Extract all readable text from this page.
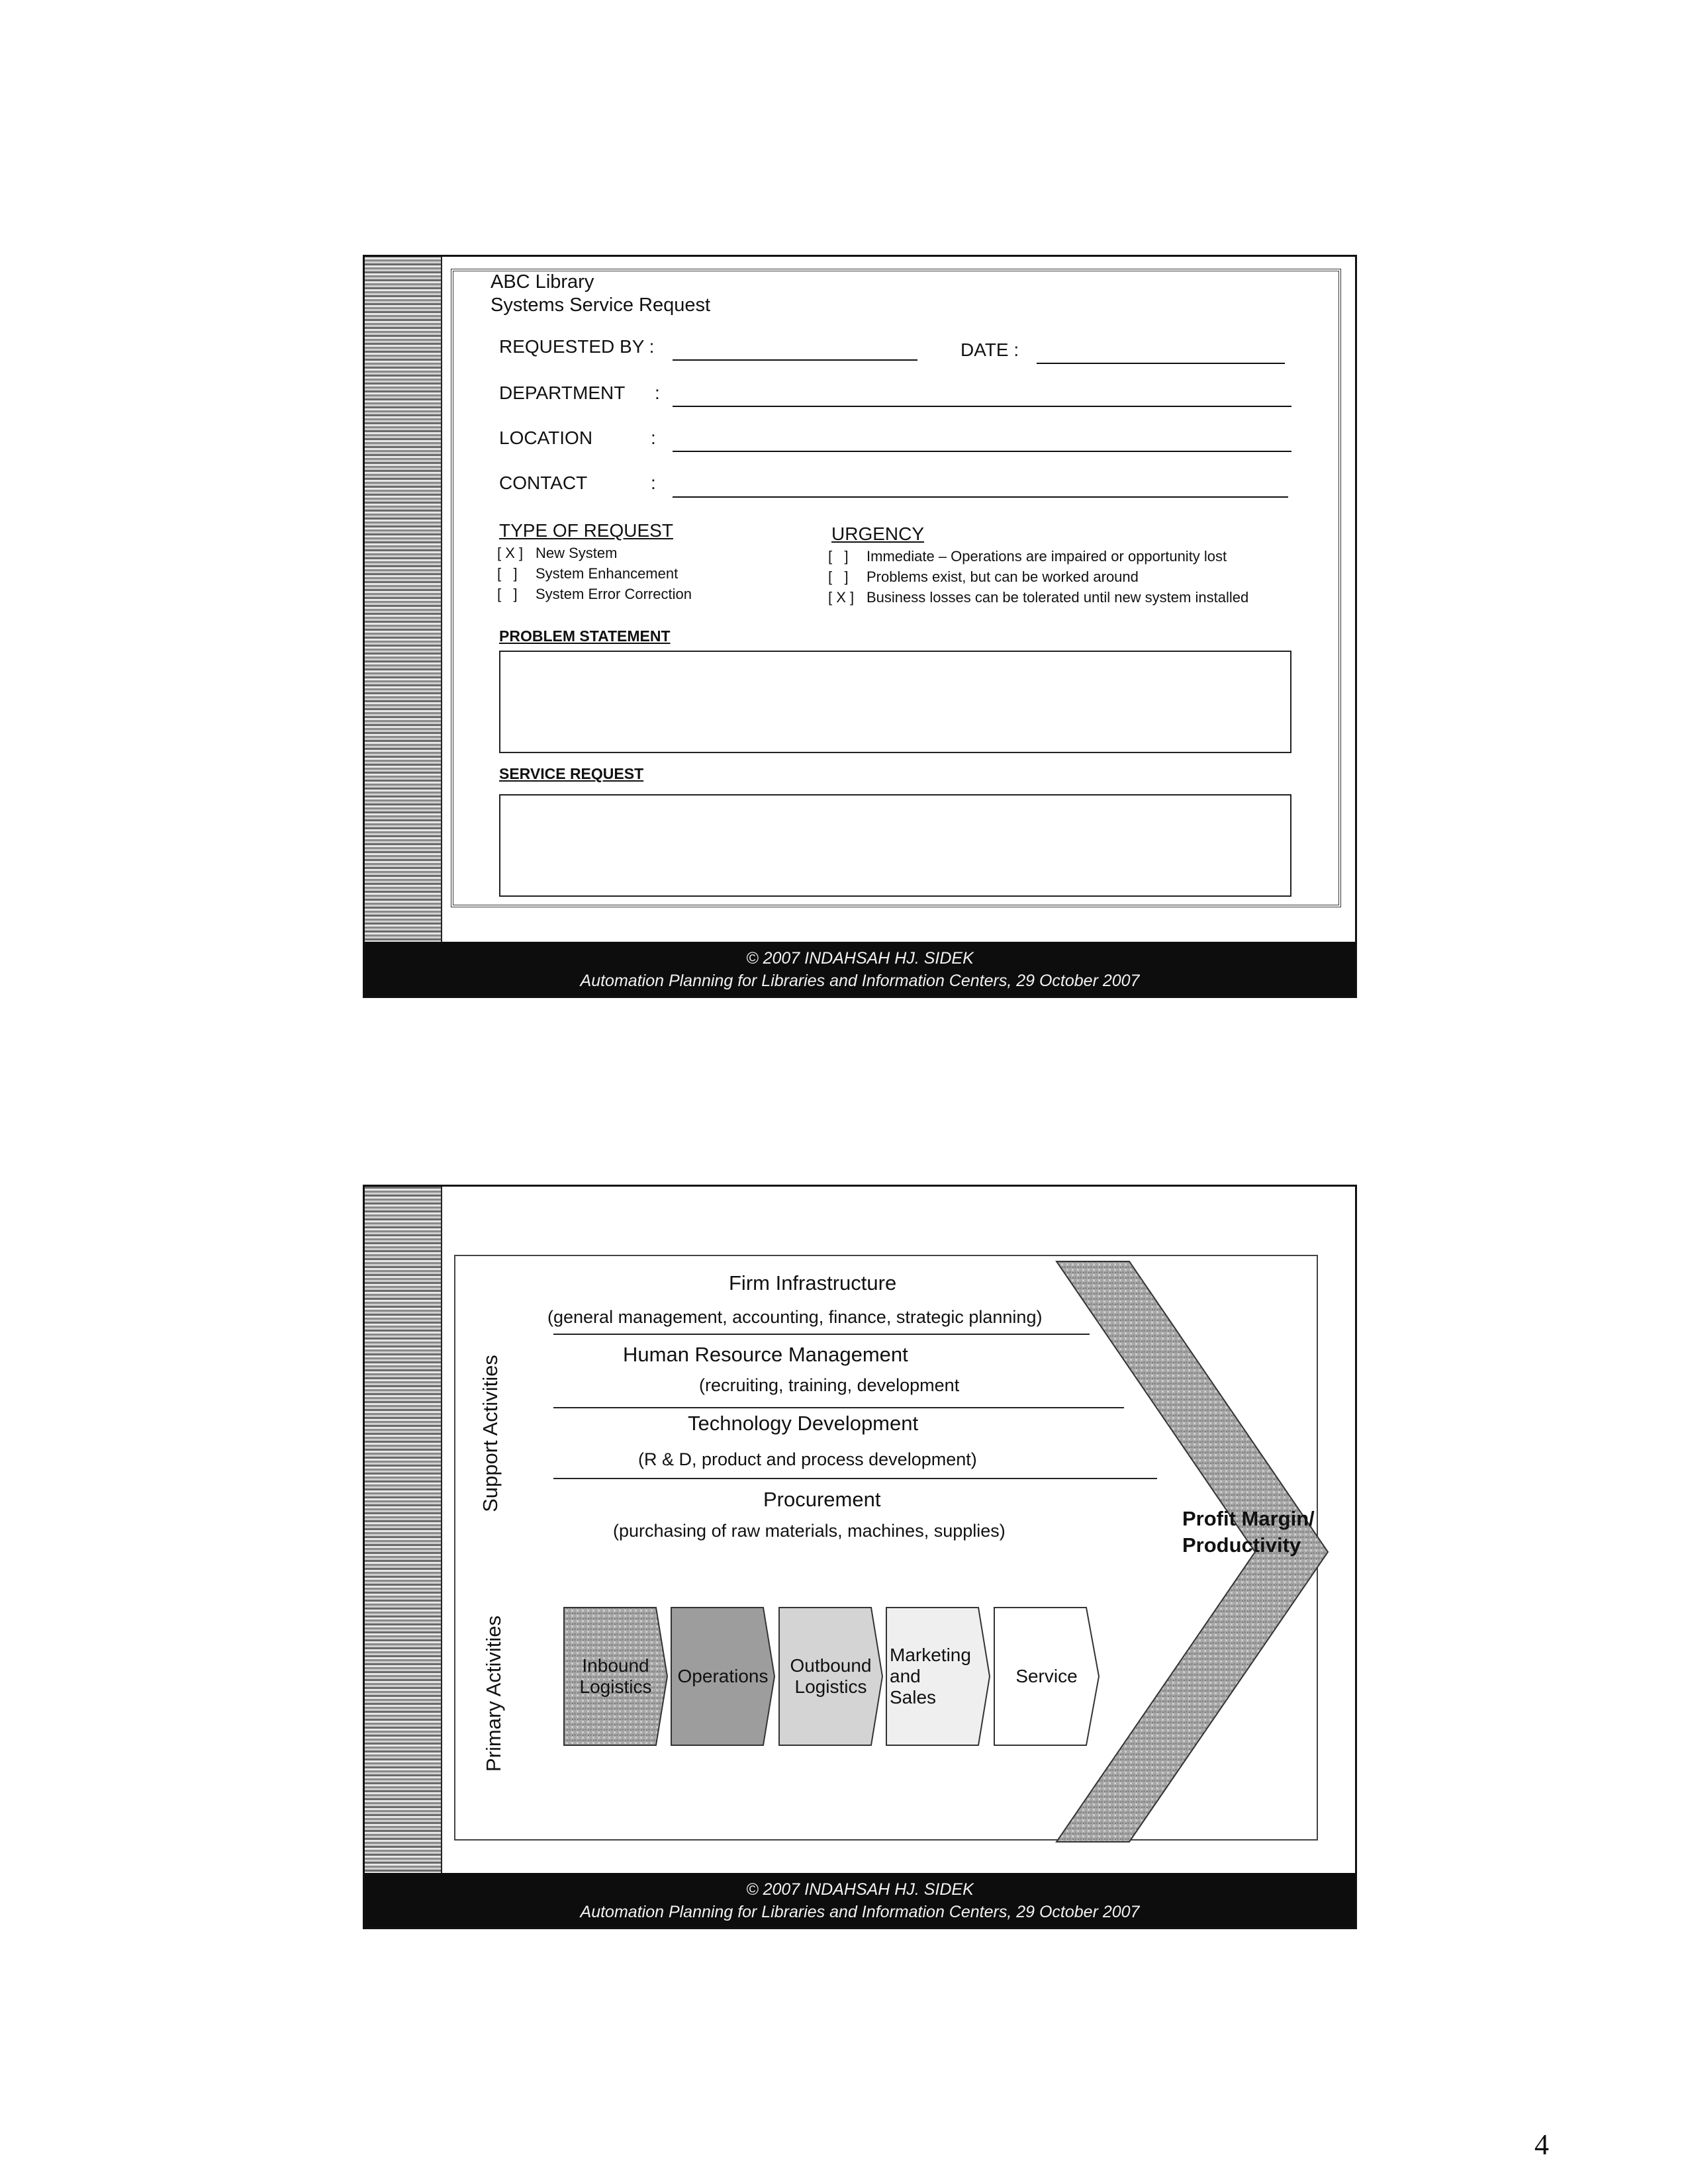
ABC Library
Systems Service Request
REQUESTED BY :	DATE :
DEPARTMENT :
LOCATION	:
CONTACT	:
TYPE OF REQUEST
[ X ] New System
[   ] System Enhancement
[   ] System Error Correction
URGENCY
[   ] Immediate – Operations are impaired or opportunity lost
[   ] Problems exist, but can be worked around
[ X ] Business losses can be tolerated until new system installed
PROBLEM STATEMENT
SERVICE REQUEST
© 2007 INDAHSAH HJ. SIDEK
Automation Planning for Libraries and Information Centers, 29 October 2007
Support Activities
Primary Activities
Firm Infrastructure
(general management, accounting, finance, strategic planning)
Human Resource Management
(recruiting, training, development
Technology Development
(R & D, product and process development)
Procurement
(purchasing of raw materials, machines, supplies)
Inbound Logistics
Operations
Outbound Logistics
Marketing and Sales
Service
Profit Margin/ Productivity
© 2007 INDAHSAH HJ. SIDEK
Automation Planning for Libraries and Information Centers, 29 October 2007
4
